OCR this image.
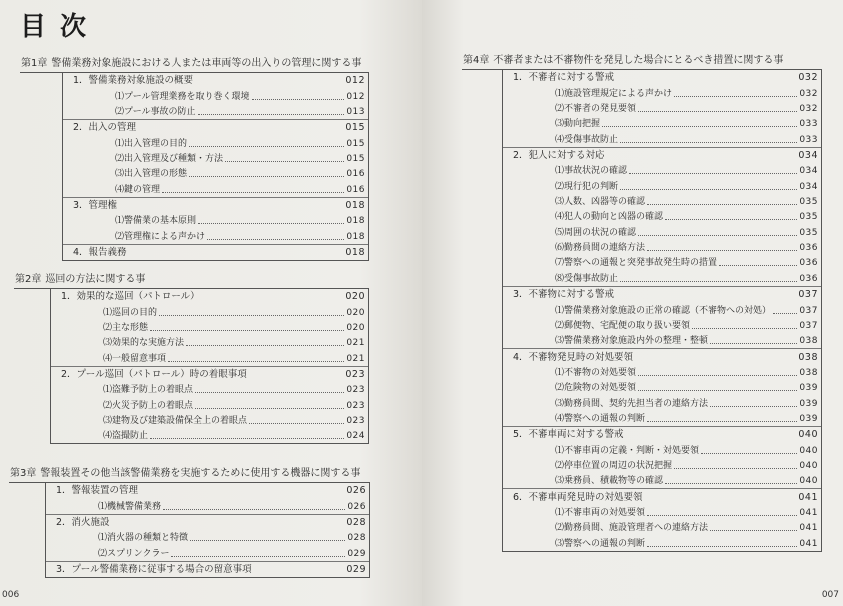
目次

第1章 警備業務対象施設における人または車両等の出入りの管理に関する事
1．警備業務対象施設の概要	012
⑴プール管理業務を取り巻く環境	012
⑵プール事故の防止	013
2．出入の管理	015
⑴出入管理の目的	015
⑵出入管理及び種類・方法	015
⑶出入管理の形態	016
⑷鍵の管理	016
3．管理権	018
⑴警備業の基本原則	018
⑵管理権による声かけ	018
4．報告義務	018
第2章 巡回の方法に関する事
1．効果的な巡回（パトロール）	020
⑴巡回の目的	020
⑵主な形態	020
⑶効果的な実施方法	021
⑷一般留意事項	021
2．プール巡回（パトロール）時の着眼事項	023
⑴盗難予防上の着眼点	023
⑵火災予防上の着眼点	023
⑶建物及び建築設備保全上の着眼点	023
⑷盗撮防止	024
第3章 警報装置その他当該警備業務を実施するために使用する機器に関する事
1．警報装置の管理	026
⑴機械警備業務	026
2．消火施設	028
⑴消火器の種類と特徴	028
⑵スプリンクラー	029
3．プール警備業務に従事する場合の留意事項	029
006
第4章 不審者または不審物件を発見した場合にとるべき措置に関する事
1．不審者に対する警戒	032
⑴施設管理規定による声かけ	032
⑵不審者の発見要領	032
⑶動向把握	033
⑷受傷事故防止	033
2．犯人に対する対応	034
⑴事故状況の確認	034
⑵現行犯の判断	034
⑶人数、凶器等の確認	035
⑷犯人の動向と凶器の確認	035
⑸周囲の状況の確認	035
⑹勤務員間の連絡方法	036
⑺警察への通報と突発事故発生時の措置	036
⑻受傷事故防止	036
3．不審物に対する警戒	037
⑴警備業務対象施設の正常の確認（不審物への対処）	037
⑵郵便物、宅配便の取り扱い要領	037
⑶警備業務対象施設内外の整理・整頓	038
4．不審物発見時の対処要領	038
⑴不審物の対処要領	038
⑵危険物の対処要領	039
⑶勤務員間、契約先担当者の連絡方法	039
⑷警察への通報の判断	039
5．不審車両に対する警戒	040
⑴不審車両の定義・判断・対処要領	040
⑵停車位置の周辺の状況把握	040
⑶乗務員、積載物等の確認	040
6．不審車両発見時の対処要領	041
⑴不審車両の対処要領	041
⑵勤務員間、施設管理者への連絡方法	041
⑶警察への通報の判断	041
007
